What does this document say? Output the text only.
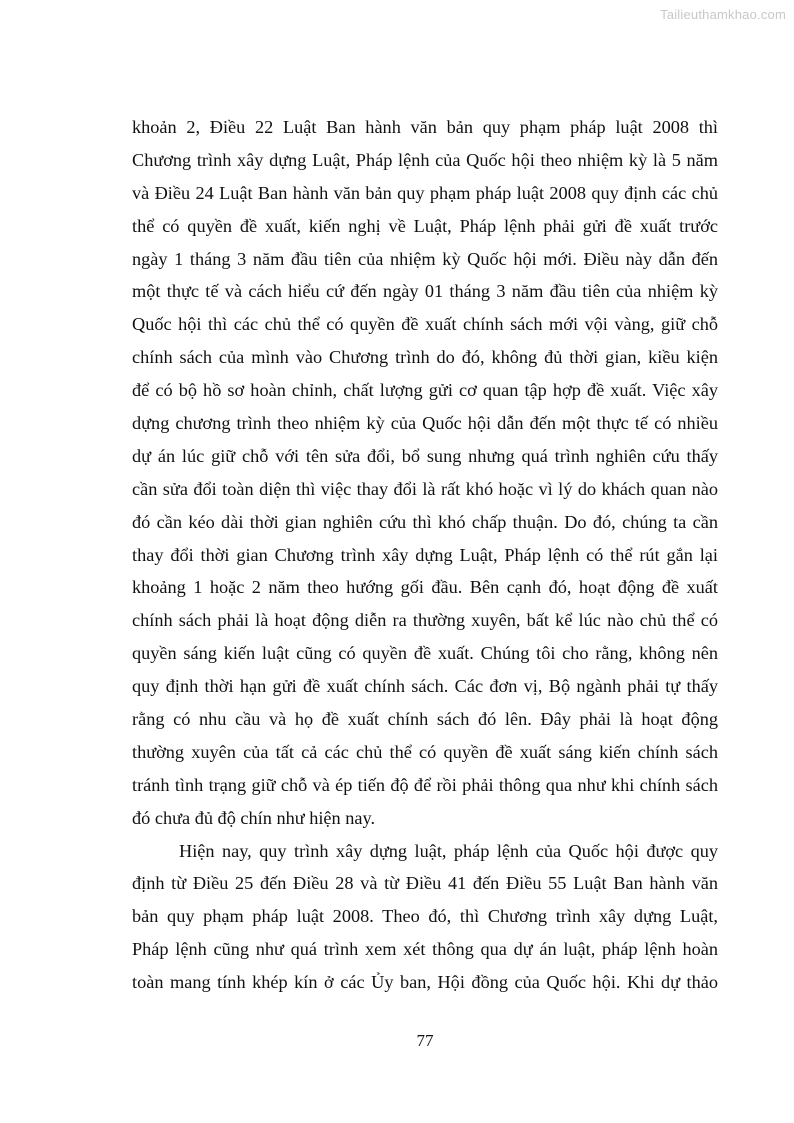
Tailieuthamkhao.com
khoản 2, Điều 22 Luật Ban hành văn bản quy phạm pháp luật 2008 thì
Chương trình xây dựng Luật, Pháp lệnh của Quốc hội theo nhiệm kỳ là 5 năm
và Điều 24 Luật Ban hành văn bản quy phạm pháp luật 2008 quy định các chủ
thể có quyền đề xuất, kiến nghị về Luật, Pháp lệnh phải gửi đề xuất trước
ngày 1 tháng 3 năm đầu tiên của nhiệm kỳ Quốc hội mới. Điều này dẫn đến
một thực tế và cách hiểu cứ đến ngày 01 tháng 3 năm đầu tiên của nhiệm kỳ
Quốc hội thì các chủ thể có quyền đề xuất chính sách mới vội vàng, giữ chỗ
chính sách của mình vào Chương trình do đó, không đủ thời gian, kiều kiện
để có bộ hồ sơ hoàn chỉnh, chất lượng gửi cơ quan tập hợp đề xuất. Việc xây
dựng chương trình theo nhiệm kỳ của Quốc hội dẫn đến một thực tế có nhiều
dự án lúc giữ chỗ với tên sửa đổi, bổ sung nhưng quá trình nghiên cứu thấy
cần sửa đổi toàn diện thì việc thay đổi là rất khó hoặc vì lý do khách quan nào
đó cần kéo dài thời gian nghiên cứu thì khó chấp thuận. Do đó, chúng ta cần
thay đổi thời gian Chương trình xây dựng Luật, Pháp lệnh có thể rút gắn lại
khoảng 1 hoặc 2 năm theo hướng gối đầu. Bên cạnh đó, hoạt động đề xuất
chính sách phải là hoạt động diễn ra thường xuyên, bất kể lúc nào chủ thể có
quyền sáng kiến luật cũng có quyền đề xuất. Chúng tôi cho rằng, không nên
quy định thời hạn gửi đề xuất chính sách. Các đơn vị, Bộ ngành phải tự thấy
rằng có nhu cầu và họ đề xuất chính sách đó lên. Đây phải là hoạt động
thường xuyên của tất cả các chủ thể có quyền đề xuất sáng kiến chính sách
tránh tình trạng giữ chỗ và ép tiến độ để rồi phải thông qua như khi chính sách
đó chưa đủ độ chín như hiện nay.
Hiện nay, quy trình xây dựng luật, pháp lệnh của Quốc hội được quy
định từ Điều 25 đến Điều 28 và từ Điều 41 đến Điều 55 Luật Ban hành văn
bản quy phạm pháp luật 2008. Theo đó, thì Chương trình xây dựng Luật,
Pháp lệnh cũng như quá trình xem xét thông qua dự án luật, pháp lệnh hoàn
toàn mang tính khép kín ở các Ủy ban, Hội đồng của Quốc hội. Khi dự thảo
77
